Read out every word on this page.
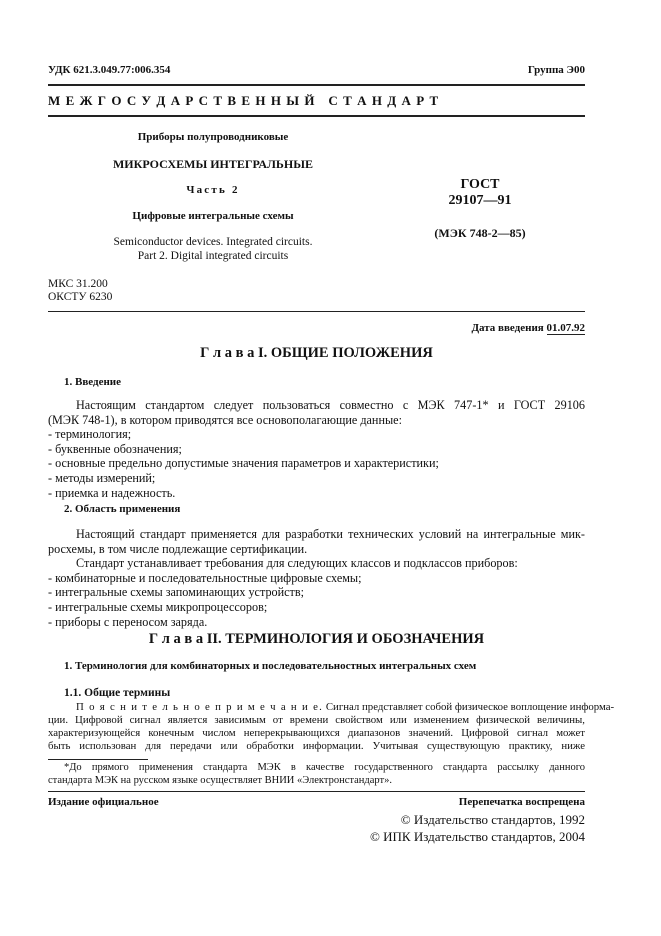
УДК 621.3.049.77:006.354	Группа Э00
М Е Ж Г О С У Д А Р С Т В Е Н Н Ы Й   С Т А Н Д А Р Т
Приборы полупроводниковые
МИКРОСХЕМЫ ИНТЕГРАЛЬНЫЕ
Часть 2
Цифровые интегральные схемы
Semiconductor devices. Integrated circuits.
Part 2. Digital integrated circuits
ГОСТ
29107—91
(МЭК 748-2—85)
МКС 31.200
ОКСТУ 6230
Дата введения 01.07.92
Г л а в а I. ОБЩИЕ ПОЛОЖЕНИЯ
1. Введение
Настоящим стандартом следует пользоваться совместно с МЭК 747-1* и ГОСТ 29106
(МЭК 748-1), в котором приводятся все основополагающие данные:
- терминология;
- буквенные обозначения;
- основные предельно допустимые значения параметров и характеристики;
- методы измерений;
- приемка и надежность.
2. Область применения
Настоящий стандарт применяется для разработки технических условий на интегральные мик-
росхемы, в том числе подлежащие сертификации.
Стандарт устанавливает требования для следующих классов и подклассов приборов:
- комбинаторные и последовательностные цифровые схемы;
- интегральные схемы запоминающих устройств;
- интегральные схемы микропроцессоров;
- приборы с переносом заряда.
Г л а в а II. ТЕРМИНОЛОГИЯ И ОБОЗНАЧЕНИЯ
1. Терминология для комбинаторных и последовательностных интегральных схем
1.1. Общие термины
П о я с н и т е л ь н о е п р и м е ч а н и е. Сигнал представляет собой физическое воплощение информа-
ции. Цифровой сигнал является зависимым от времени свойством или изменением физической величины,
характеризующейся конечным числом неперекрывающихся диапазонов значений. Цифровой сигнал может
быть использован для передачи или обработки информации. Учитывая существующую практику, ниже
*До прямого применения стандарта МЭК в качестве государственного стандарта рассылку данного
стандарта МЭК на русском языке осуществляет ВНИИ «Электронстандарт».
Издание официальное	Перепечатка воспрещена
© Издательство стандартов, 1992
© ИПК Издательство стандартов, 2004
